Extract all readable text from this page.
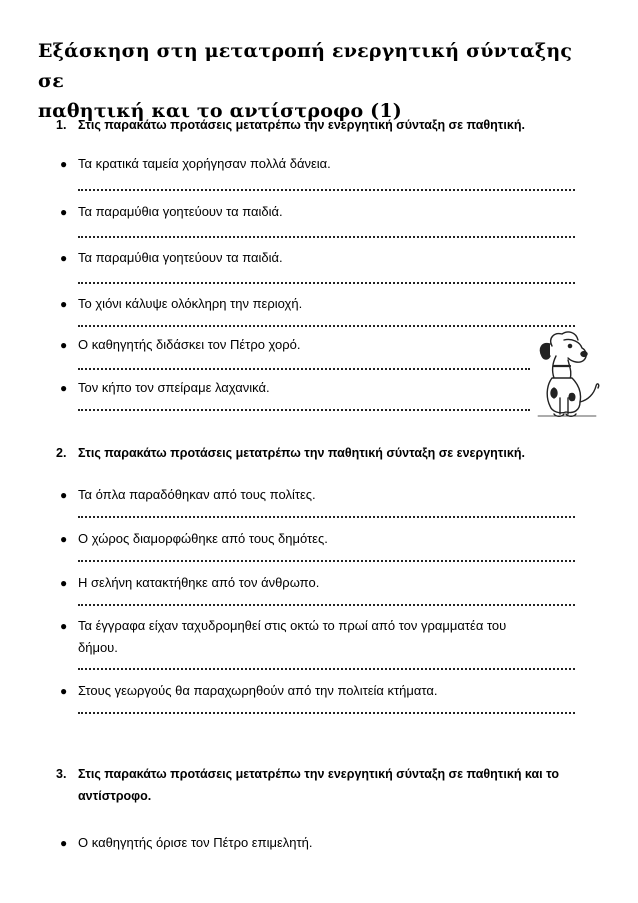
Εξάσκηση στη μετατροπή ενεργητική σύνταξης σε
παθητική και το αντίστροφο (1)
1. Στις παρακάτω προτάσεις μετατρέπω την ενεργητική σύνταξη σε παθητική.
● Τα κρατικά ταμεία χορήγησαν πολλά δάνεια.
● Τα παραμύθια γοητεύουν τα παιδιά.
● Τα παραμύθια γοητεύουν τα παιδιά.
● Το χιόνι κάλυψε ολόκληρη την περιοχή.
● Ο καθηγητής διδάσκει τον Πέτρο χορό.
● Τον κήπο τον σπείραμε λαχανικά.
2. Στις παρακάτω προτάσεις μετατρέπω την παθητική σύνταξη σε ενεργητική.
● Τα όπλα παραδόθηκαν από τους πολίτες.
● Ο χώρος διαμορφώθηκε από τους δημότες.
● Η σελήνη κατακτήθηκε από τον άνθρωπο.
● Τα έγγραφα είχαν ταχυδρομηθεί στις οκτώ το πρωί από τον γραμματέα του
δήμου.
● Στους γεωργούς θα παραχωρηθούν από την πολιτεία κτήματα.
3. Στις παρακάτω προτάσεις μετατρέπω την ενεργητική σύνταξη σε παθητική και το
αντίστροφο.
● Ο καθηγητής όρισε τον Πέτρο επιμελητή.
